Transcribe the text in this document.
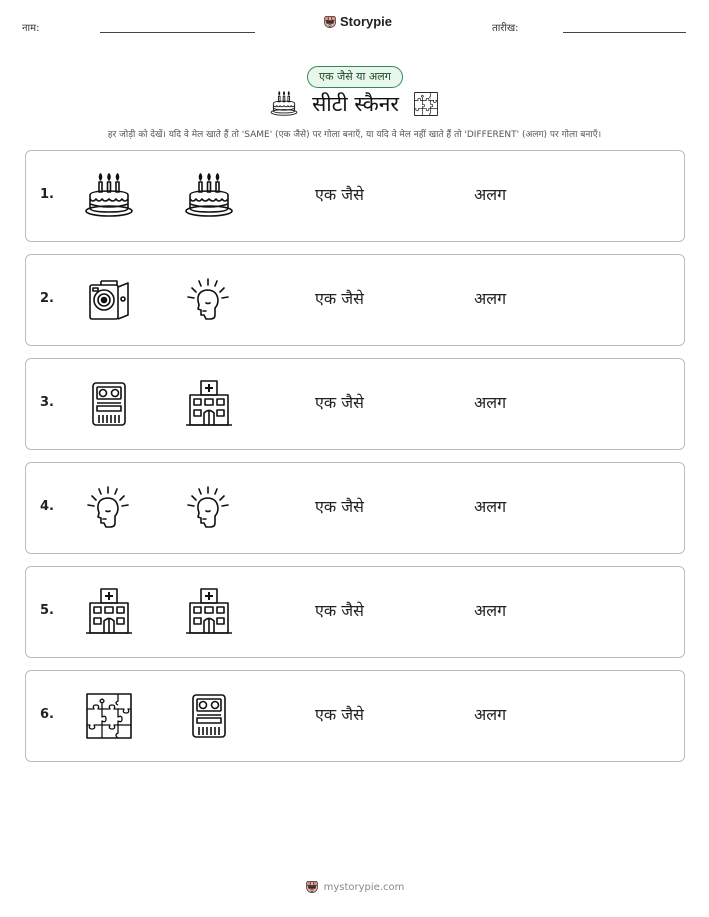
नाम:	Storypie	तारीख:
एक जैसे या अलग
सीटी स्कैनर
हर जोड़ी को देखें। यदि वे मेल खाते हैं तो 'SAME' (एक जैसे) पर गोला बनाएँ, या यदि वे मेल नहीं खाते हैं तो 'DIFFERENT' (अलग) पर गोला बनाएँ।
1.	एक जैसे	अलग
2.	एक जैसे	अलग
3.	एक जैसे	अलग
4.	एक जैसे	अलग
5.	एक जैसे	अलग
6.	एक जैसे	अलग
mystorypie.com
